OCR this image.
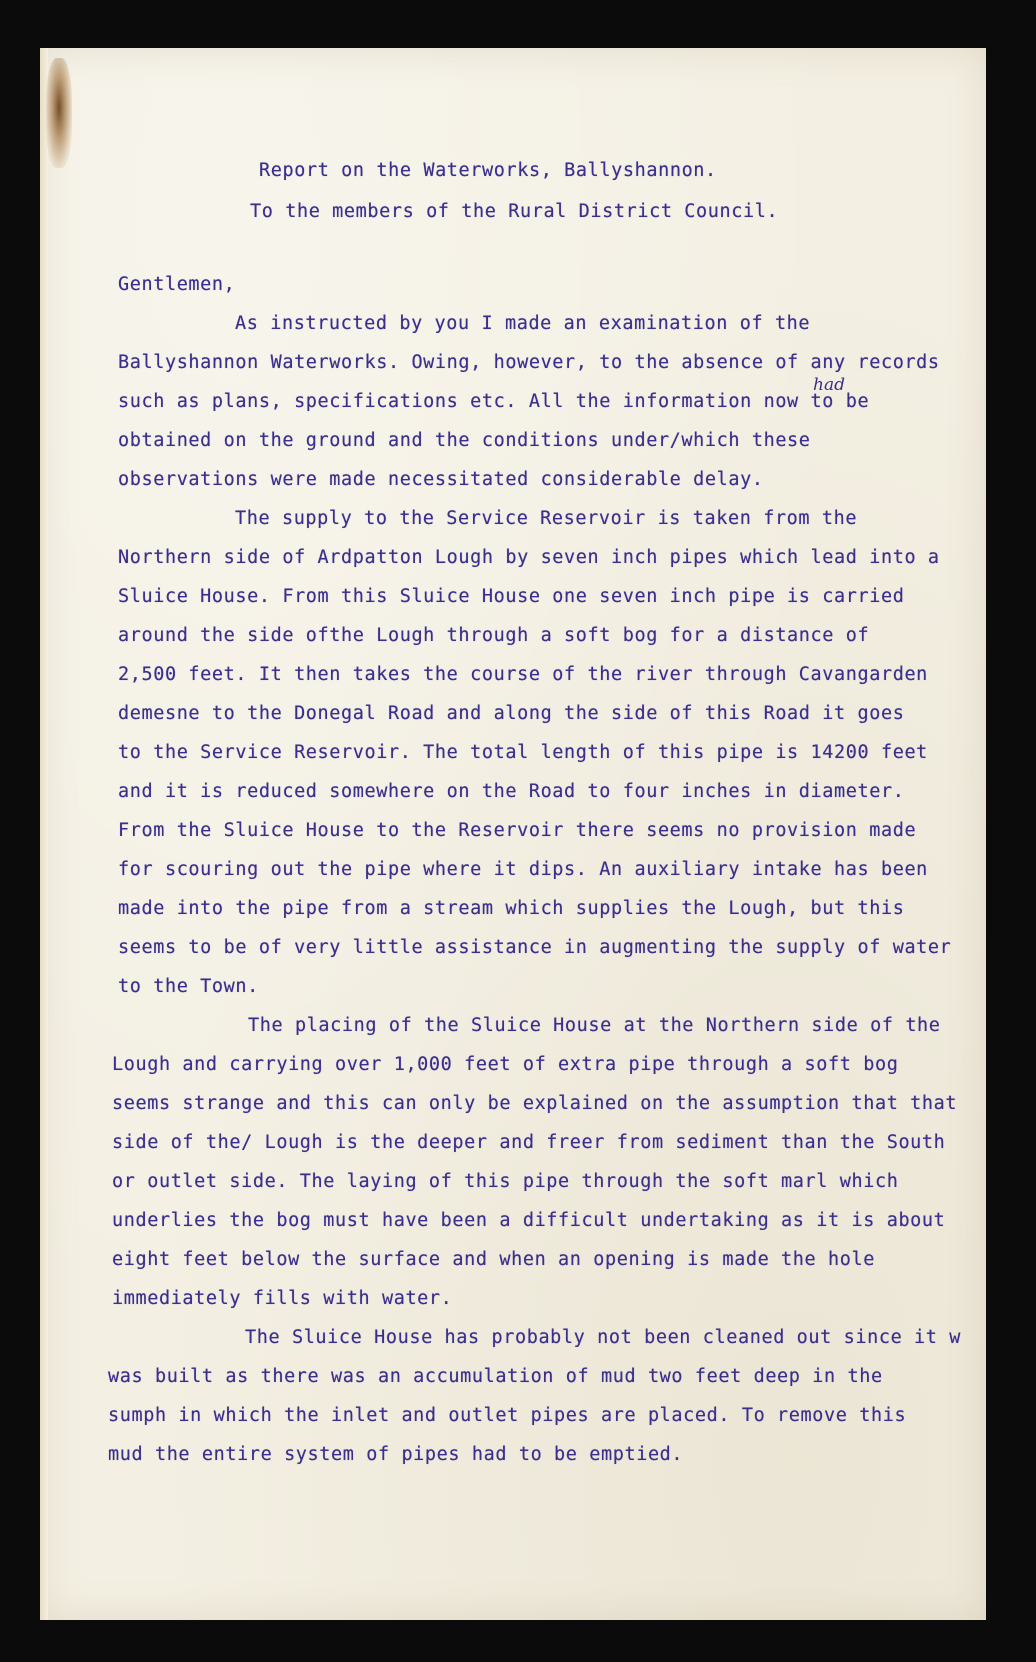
Report on the Waterworks, Ballyshannon.
To the members of the Rural District Council.
Gentlemen,
had
As instructed by you I made an examination of the
Ballyshannon Waterworks. Owing, however, to the absence of any records
such as plans, specifications etc. All the information now to be
obtained on the ground and the conditions under/which these
observations were made necessitated considerable delay.
The supply to the Service Reservoir is taken from the
Northern side of Ardpatton Lough by seven inch pipes which lead into a
Sluice House. From this Sluice House one seven inch pipe is carried
around the side ofthe Lough through a soft bog for a distance of
2,500 feet. It then takes the course of the river through Cavangarden
demesne to the Donegal Road and along the side of this Road it goes
to the Service Reservoir. The total length of this pipe is 14200 feet
and it is reduced somewhere on the Road to four inches in diameter.
From the Sluice House to the Reservoir there seems no provision made
for scouring out the pipe where it dips. An auxiliary intake has been
made into the pipe from a stream which supplies the Lough, but this
seems to be of very little assistance in augmenting the supply of water
to the Town.
The placing of the Sluice House at the Northern side of the
Lough and carrying over 1,000 feet of extra pipe through a soft bog
seems strange and this can only be explained on the assumption that that
side of the/ Lough is the deeper and freer from sediment than the South
or outlet side. The laying of this pipe through the soft marl which
underlies the bog must have been a difficult undertaking as it is about
eight feet below the surface and when an opening is made the hole
immediately fills with water.
The Sluice House has probably not been cleaned out since it w
was built as there was an accumulation of mud two feet deep in the
sumph in which the inlet and outlet pipes are placed. To remove this
mud the entire system of pipes had to be emptied.
